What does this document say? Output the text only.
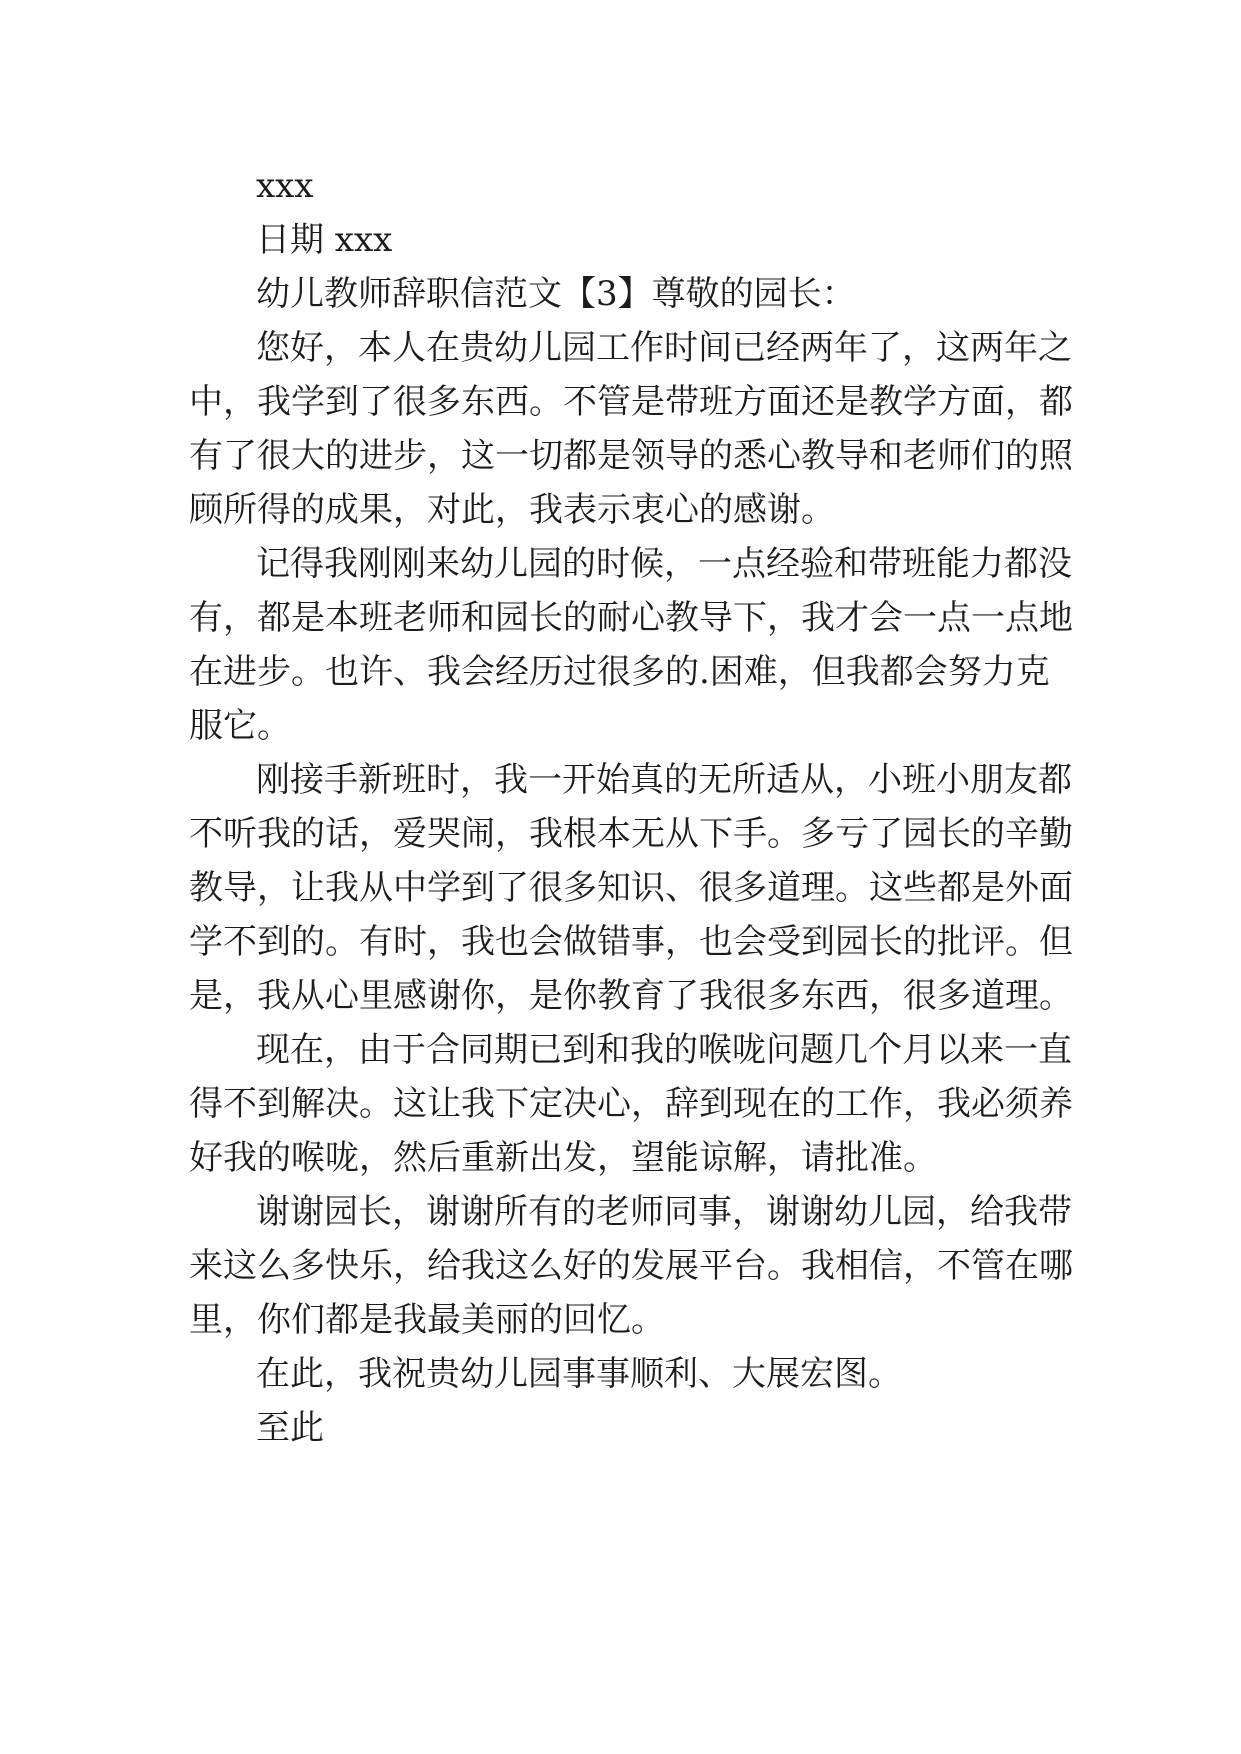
xxx
日期 xxx
幼儿教师辞职信范文【3】尊敬的园长：
您好，本人在贵幼儿园工作时间已经两年了，这两年之
中，我学到了很多东西。不管是带班方面还是教学方面，都
有了很大的进步，这一切都是领导的悉心教导和老师们的照
顾所得的成果，对此，我表示衷心的感谢。
记得我刚刚来幼儿园的时候，一点经验和带班能力都没
有，都是本班老师和园长的耐心教导下，我才会一点一点地
在进步。也许、我会经历过很多的.困难，但我都会努力克
服它。
刚接手新班时，我一开始真的无所适从，小班小朋友都
不听我的话，爱哭闹，我根本无从下手。多亏了园长的辛勤
教导，让我从中学到了很多知识、很多道理。这些都是外面
学不到的。有时，我也会做错事，也会受到园长的批评。但
是，我从心里感谢你，是你教育了我很多东西，很多道理。
现在，由于合同期已到和我的喉咙问题几个月以来一直
得不到解决。这让我下定决心，辞到现在的工作，我必须养
好我的喉咙，然后重新出发，望能谅解，请批准。
谢谢园长，谢谢所有的老师同事，谢谢幼儿园，给我带
来这么多快乐，给我这么好的发展平台。我相信，不管在哪
里，你们都是我最美丽的回忆。
在此，我祝贵幼儿园事事顺利、大展宏图。
至此
